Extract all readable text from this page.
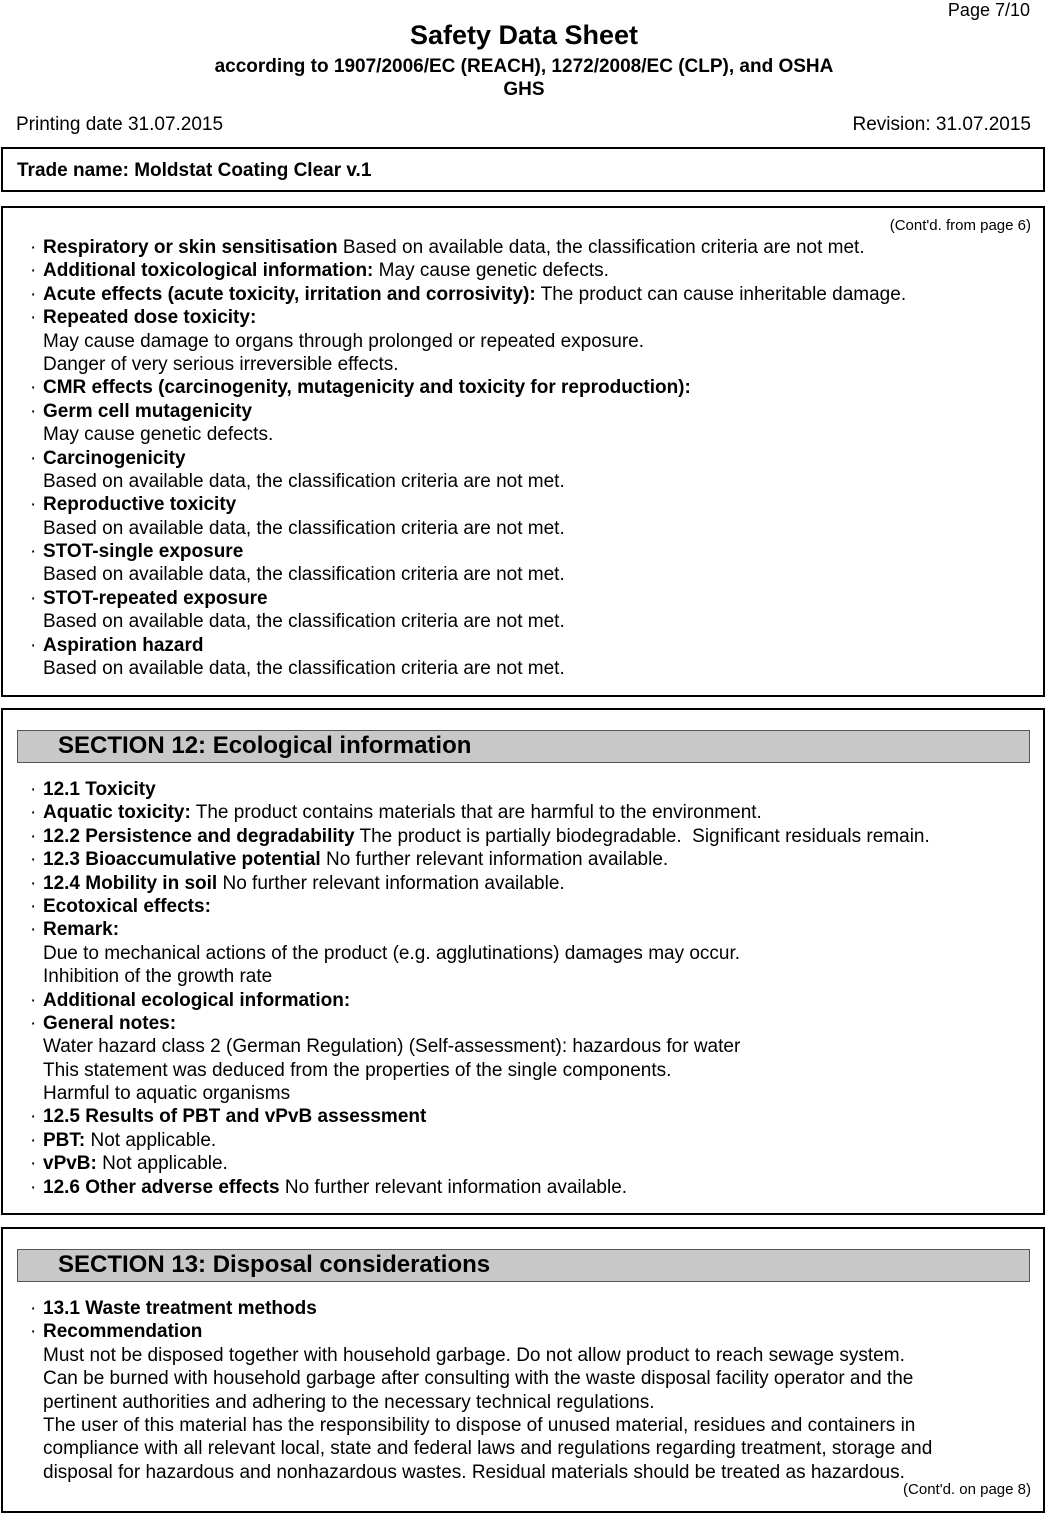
Page 7/10
Safety Data Sheet
according to 1907/2006/EC (REACH), 1272/2008/EC (CLP), and OSHA
GHS
Printing date 31.07.2015	Revision: 31.07.2015
Trade name: Moldstat Coating Clear v.1
(Cont'd. from page 6)
· Respiratory or skin sensitisation Based on available data, the classification criteria are not met.
· Additional toxicological information: May cause genetic defects.
· Acute effects (acute toxicity, irritation and corrosivity): The product can cause inheritable damage.
· Repeated dose toxicity:
May cause damage to organs through prolonged or repeated exposure.
Danger of very serious irreversible effects.
· CMR effects (carcinogenity, mutagenicity and toxicity for reproduction):
· Germ cell mutagenicity
May cause genetic defects.
· Carcinogenicity
Based on available data, the classification criteria are not met.
· Reproductive toxicity
Based on available data, the classification criteria are not met.
· STOT-single exposure
Based on available data, the classification criteria are not met.
· STOT-repeated exposure
Based on available data, the classification criteria are not met.
· Aspiration hazard
Based on available data, the classification criteria are not met.
SECTION 12: Ecological information
· 12.1 Toxicity
· Aquatic toxicity: The product contains materials that are harmful to the environment.
· 12.2 Persistence and degradability The product is partially biodegradable.  Significant residuals remain.
· 12.3 Bioaccumulative potential No further relevant information available.
· 12.4 Mobility in soil No further relevant information available.
· Ecotoxical effects:
· Remark:
Due to mechanical actions of the product (e.g. agglutinations) damages may occur.
Inhibition of the growth rate
· Additional ecological information:
· General notes:
Water hazard class 2 (German Regulation) (Self-assessment): hazardous for water
This statement was deduced from the properties of the single components.
Harmful to aquatic organisms
· 12.5 Results of PBT and vPvB assessment
· PBT: Not applicable.
· vPvB: Not applicable.
· 12.6 Other adverse effects No further relevant information available.
SECTION 13: Disposal considerations
· 13.1 Waste treatment methods
· Recommendation
Must not be disposed together with household garbage. Do not allow product to reach sewage system.
Can be burned with household garbage after consulting with the waste disposal facility operator and the
pertinent authorities and adhering to the necessary technical regulations.
The user of this material has the responsibility to dispose of unused material, residues and containers in
compliance with all relevant local, state and federal laws and regulations regarding treatment, storage and
disposal for hazardous and nonhazardous wastes. Residual materials should be treated as hazardous.
(Cont'd. on page 8)
